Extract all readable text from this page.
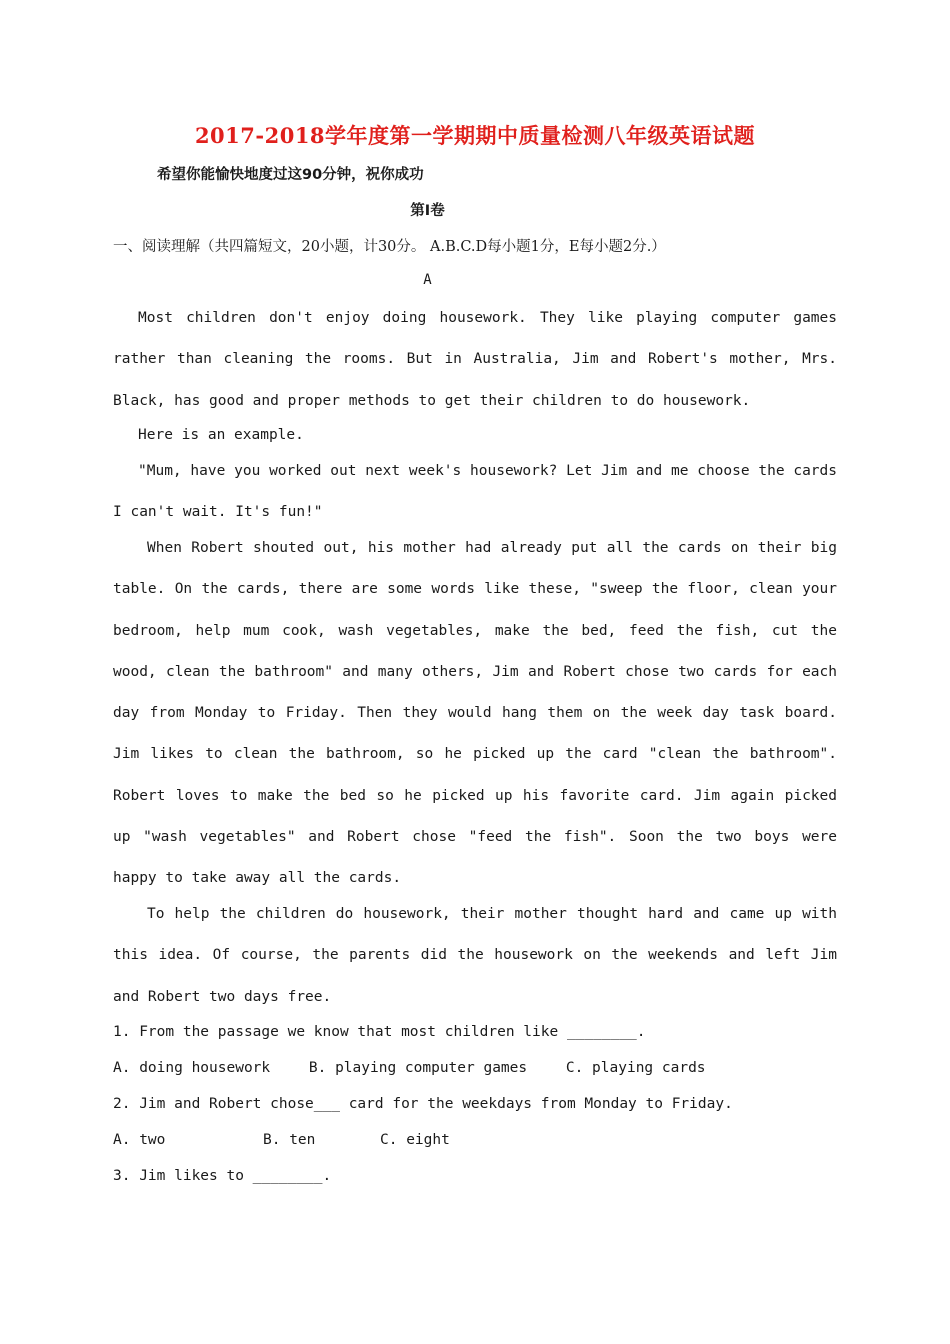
2017-2018学年度第一学期期中质量检测八年级英语试题
希望你能愉快地度过这90分钟，祝你成功
第Ⅰ卷
一、阅读理解（共四篇短文，20小题，计30分。 A.B.C.D每小题1分，E每小题2分.）
A
Most children don't enjoy doing housework. They like playing computer games rather than cleaning the rooms. But in Australia, Jim and Robert's mother, Mrs. Black, has good and proper methods to get their children to do housework.
Here is an example.
"Mum, have you worked out next week's housework? Let Jim and me choose the cards I can't wait. It's fun!"
When Robert shouted out, his mother had already put all the cards on their big table. On the cards, there are some words like these, "sweep the floor, clean your bedroom, help mum cook, wash vegetables, make the bed, feed the fish, cut the wood, clean the bathroom" and many others, Jim and Robert chose two cards for each day from Monday to Friday. Then they would hang them on the week day task board. Jim likes to clean the bathroom, so he picked up the card "clean the bathroom". Robert loves to make the bed so he picked up his favorite card. Jim again picked up "wash vegetables" and Robert chose "feed the fish". Soon the two boys were happy to take away all the cards.
To help the children do housework, their mother thought hard and came up with this idea. Of course, the parents did the housework on the weekends and left Jim and Robert two days free.
1. From the passage we know that most children like ________.
A. doing housework	B. playing computer games	C. playing cards
2. Jim and Robert chose___ card for the weekdays from Monday to Friday.
A. two	B. ten	C. eight
3. Jim likes to ________.
